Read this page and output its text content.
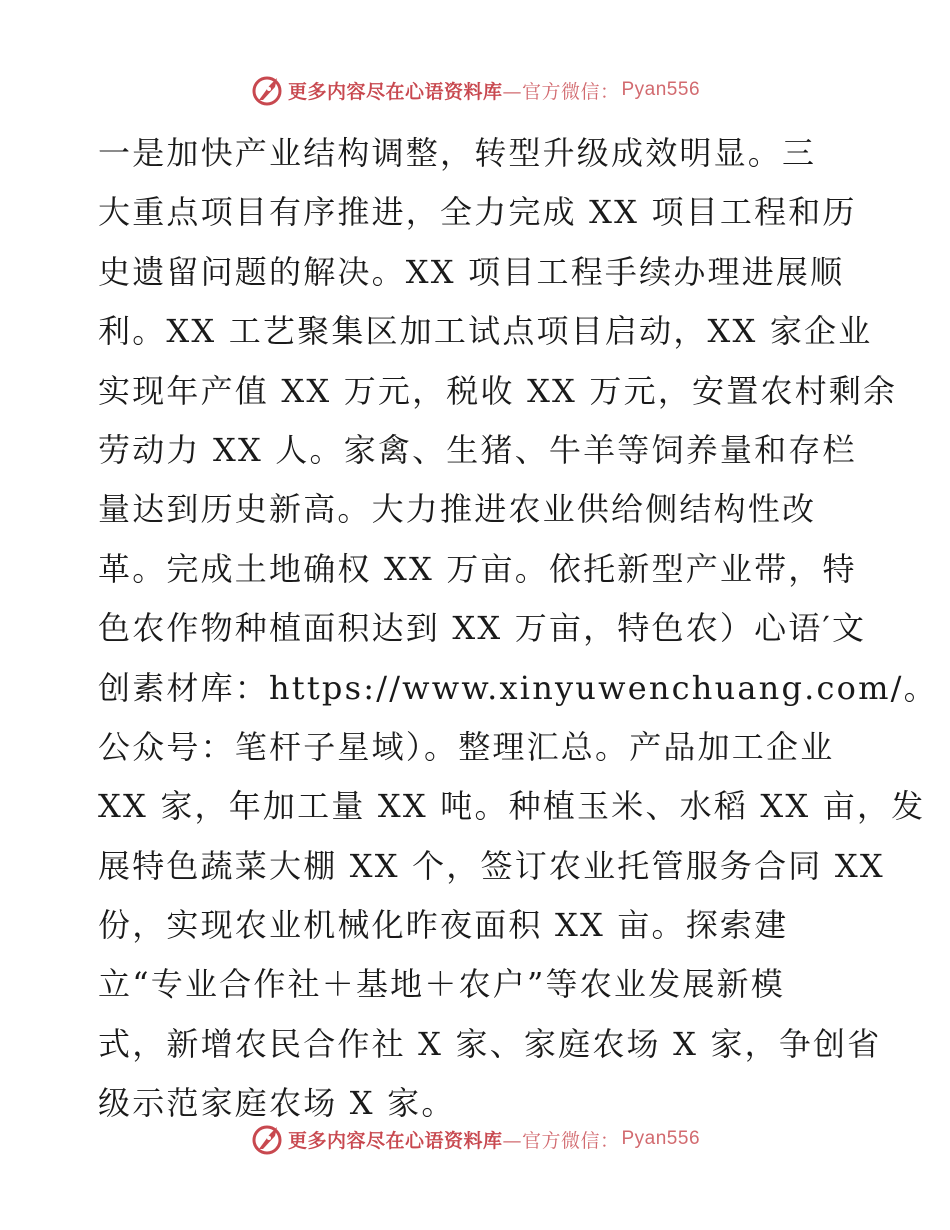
更多内容尽在心语资料库 —官方微信： Pyan556
一是加快产业结构调整，转型升级成效明显。三
大重点项目有序推进，全力完成 XX 项目工程和历
史遗留问题的解决。XX 项目工程手续办理进展顺
利。XX 工艺聚集区加工试点项目启动，XX 家企业
实现年产值 XX 万元，税收 XX 万元，安置农村剩余
劳动力 XX 人。家禽、生猪、牛羊等饲养量和存栏
量达到历史新高。大力推进农业供给侧结构性改
革。完成土地确权 XX 万亩。依托新型产业带，特
色农作物种植面积达到 XX 万亩，特色农）心语′文
创素材库：https://www.xinyuwenchuang.com/。
公众号：笔杆子星域）。整理汇总。产品加工企业
XX 家，年加工量 XX 吨。种植玉米、水稻 XX 亩，发
展特色蔬菜大棚 XX 个，签订农业托管服务合同 XX
份，实现农业机械化昨夜面积 XX 亩。探索建
立“专业合作社＋基地＋农户”等农业发展新模
式，新增农民合作社 X 家、家庭农场 X 家，争创省
级示范家庭农场 X 家。
更多内容尽在心语资料库 —官方微信： Pyan556
